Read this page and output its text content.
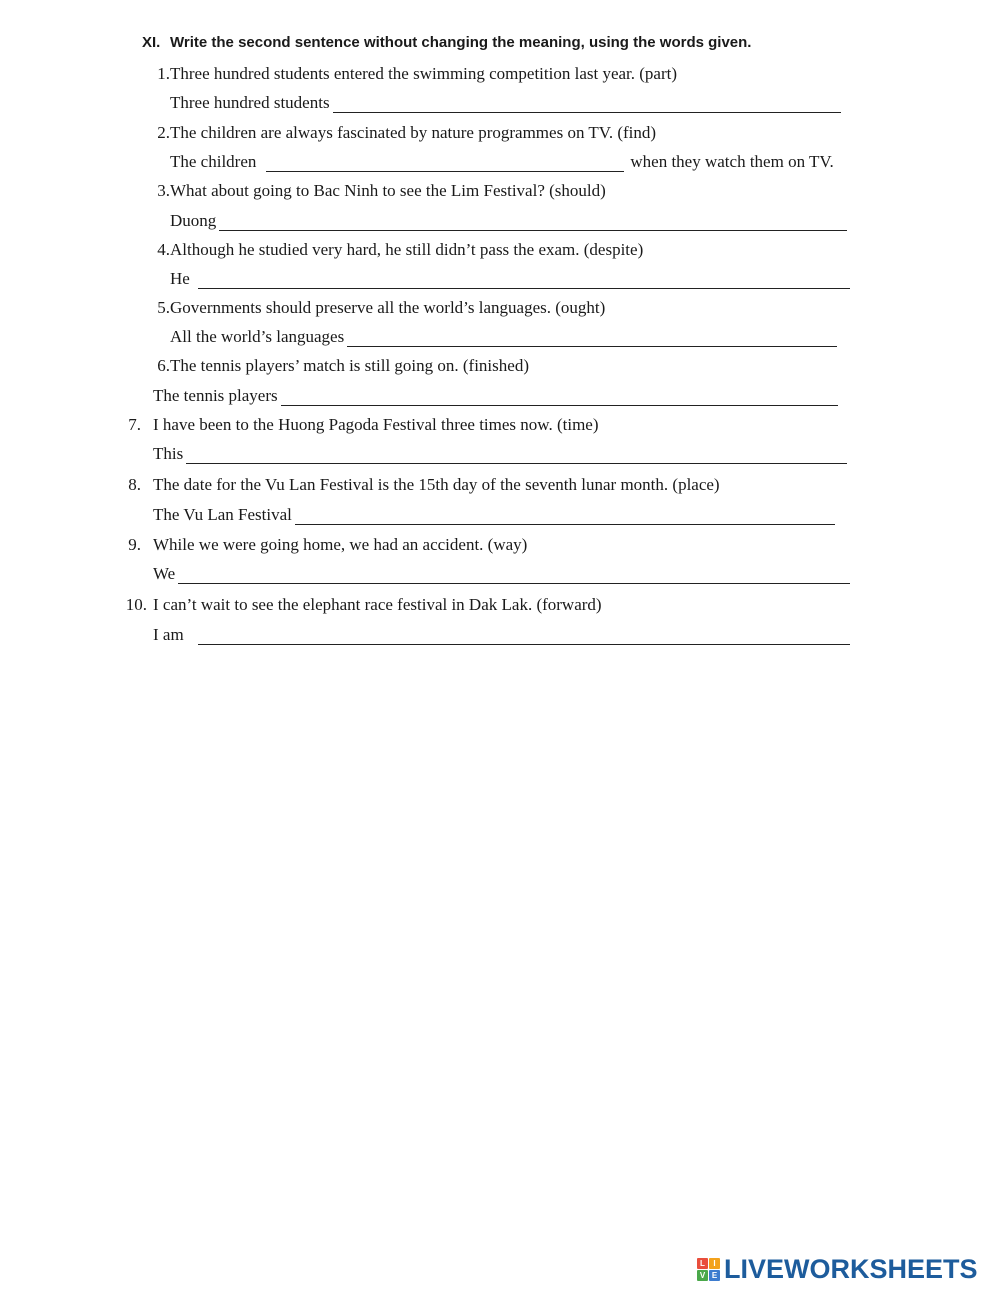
XI. Write the second sentence without changing the meaning, using the words given.
1. Three hundred students entered the swimming competition last year. (part)
Three hundred students
2. The children are always fascinated by nature programmes on TV. (find)
The children	when they watch them on TV.
3. What about going to Bac Ninh to see the Lim Festival? (should)
Duong
4. Although he studied very hard, he still didn’t pass the exam. (despite)
He
5. Governments should preserve all the world’s languages. (ought)
All the world’s languages
6. The tennis players’ match is still going on. (finished)
The tennis players
7. I have been to the Huong Pagoda Festival three times now. (time)
This
8. The date for the Vu Lan Festival is the 15th day of the seventh lunar month. (place)
The Vu Lan Festival
9. While we were going home, we had an accident. (way)
We
10. I can’t wait to see the elephant race festival in Dak Lak. (forward)
I am
L	I
V E LIVEWORKSHEETS
